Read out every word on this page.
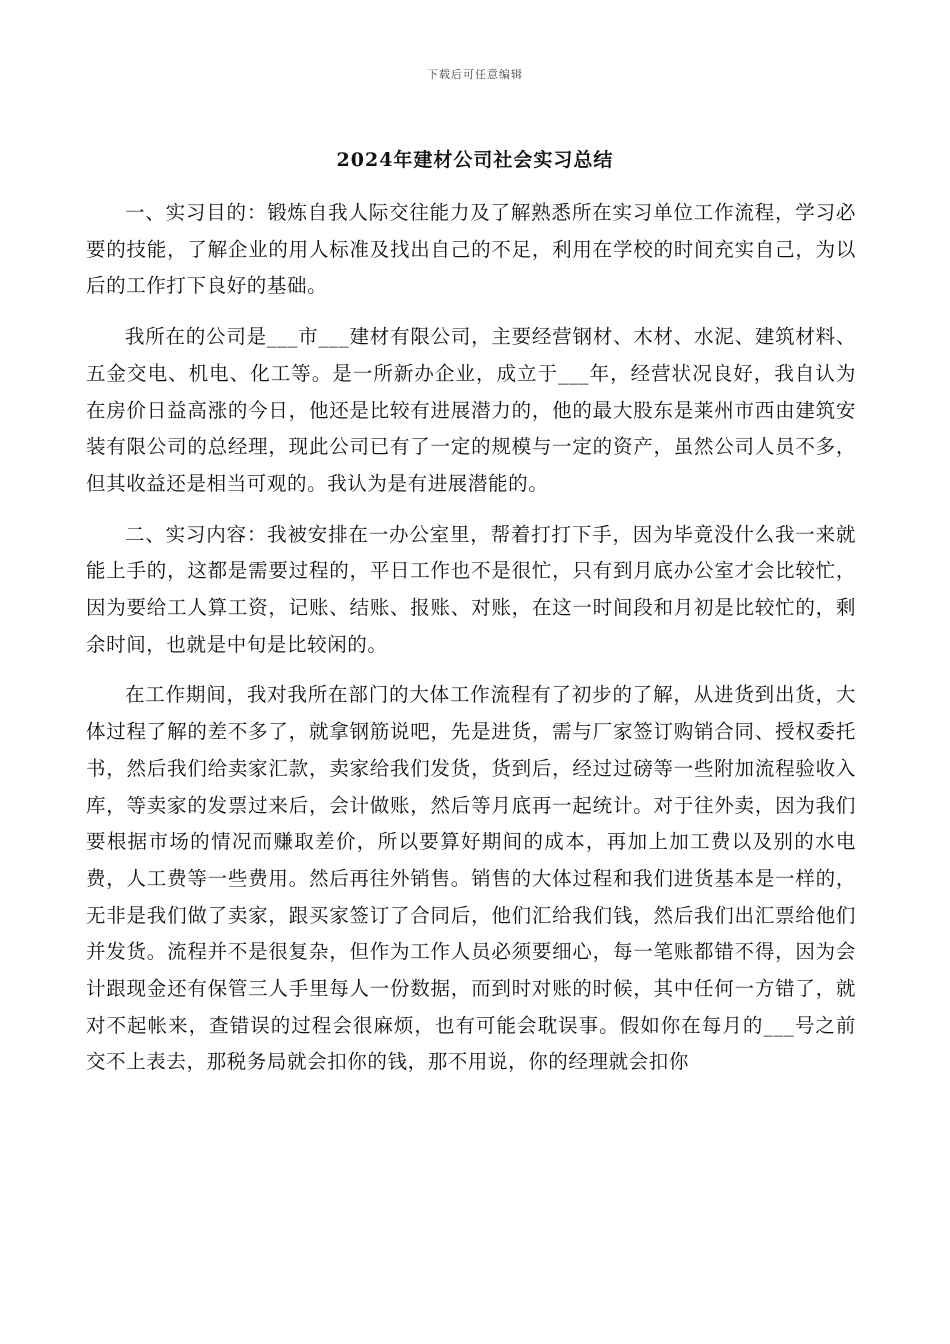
下载后可任意编辑
2024年建材公司社会实习总结

一、实习目的：锻炼自我人际交往能力及了解熟悉所在实习单位工作流程，学习必要的技能，了解企业的用人标准及找出自己的不足，利用在学校的时间充实自己，为以后的工作打下良好的基础。

我所在的公司是___市___建材有限公司，主要经营钢材、木材、水泥、建筑材料、五金交电、机电、化工等。是一所新办企业，成立于___年，经营状况良好，我自认为在房价日益高涨的今日，他还是比较有进展潜力的，他的最大股东是莱州市西由建筑安装有限公司的总经理，现此公司已有了一定的规模与一定的资产，虽然公司人员不多，但其收益还是相当可观的。我认为是有进展潜能的。

二、实习内容：我被安排在一办公室里，帮着打打下手，因为毕竟没什么我一来就能上手的，这都是需要过程的，平日工作也不是很忙，只有到月底办公室才会比较忙，因为要给工人算工资，记账、结账、报账、对账，在这一时间段和月初是比较忙的，剩余时间，也就是中旬是比较闲的。

在工作期间，我对我所在部门的大体工作流程有了初步的了解，从进货到出货，大体过程了解的差不多了，就拿钢筋说吧，先是进货，需与厂家签订购销合同、授权委托书，然后我们给卖家汇款，卖家给我们发货，货到后，经过过磅等一些附加流程验收入库，等卖家的发票过来后，会计做账，然后等月底再一起统计。对于往外卖，因为我们要根据市场的情况而赚取差价，所以要算好期间的成本，再加上加工费以及别的水电费，人工费等一些费用。然后再往外销售。销售的大体过程和我们进货基本是一样的，无非是我们做了卖家，跟买家签订了合同后，他们汇给我们钱，然后我们出汇票给他们并发货。流程并不是很复杂，但作为工作人员必须要细心，每一笔账都错不得，因为会计跟现金还有保管三人手里每人一份数据，而到时对账的时候，其中任何一方错了，就对不起帐来，查错误的过程会很麻烦，也有可能会耽误事。假如你在每月的___号之前交不上表去，那税务局就会扣你的钱，那不用说，你的经理就会扣你
